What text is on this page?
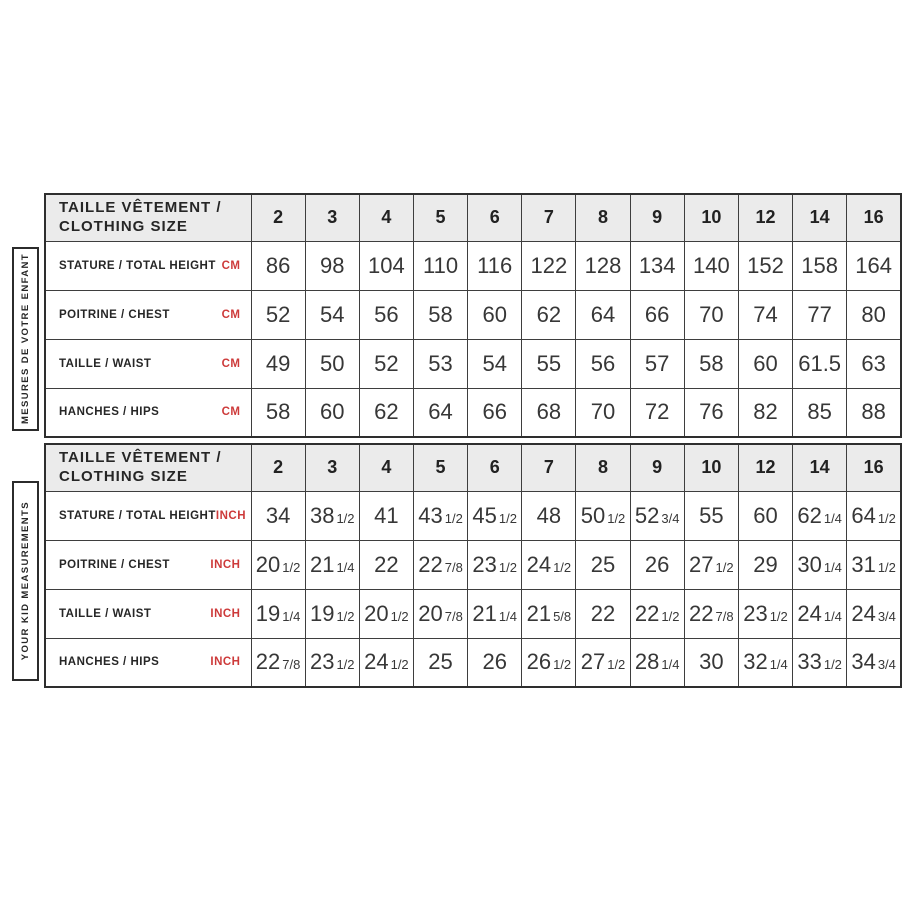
MESURES DE VOTRE ENFANT
YOUR KID MEASUREMENTS
TAILLE VÊTEMENT /
CLOTHING SIZE	2	3	4	5	6	7	8	9	10	12	14	16

STATURE / TOTAL HEIGHT CM	86	98	104	110	116	122	128	134	140	152	158	164

POITRINE / CHEST CM	52	54	56	58	60	62	64	66	70	74	77	80

TAILLE / WAIST CM	49	50	52	53	54	55	56	57	58	60	61.5	63

HANCHES / HIPS CM	58	60	62	64	66	68	70	72	76	82	85	88
TAILLE VÊTEMENT /
CLOTHING SIZE	2	3	4	5	6	7	8	9	10	12	14	16

STATURE / TOTAL HEIGHT INCH	34	38 1/2	41	43 1/2	45 1/2	48	50 1/2	52 3/4	55	60	62 1/4	64 1/2

POITRINE / CHEST INCH	20 1/2	21 1/4	22	22 7/8	23 1/2	24 1/2	25	26	27 1/2	29	30 1/4	31 1/2

TAILLE / WAIST INCH	19 1/4	19 1/2	20 1/2	20 7/8	21 1/4	21 5/8	22	22 1/2	22 7/8	23 1/2	24 1/4	24 3/4

HANCHES / HIPS INCH	22 7/8	23 1/2	24 1/2	25	26	26 1/2	27 1/2	28 1/4	30	32 1/4	33 1/2	34 3/4
